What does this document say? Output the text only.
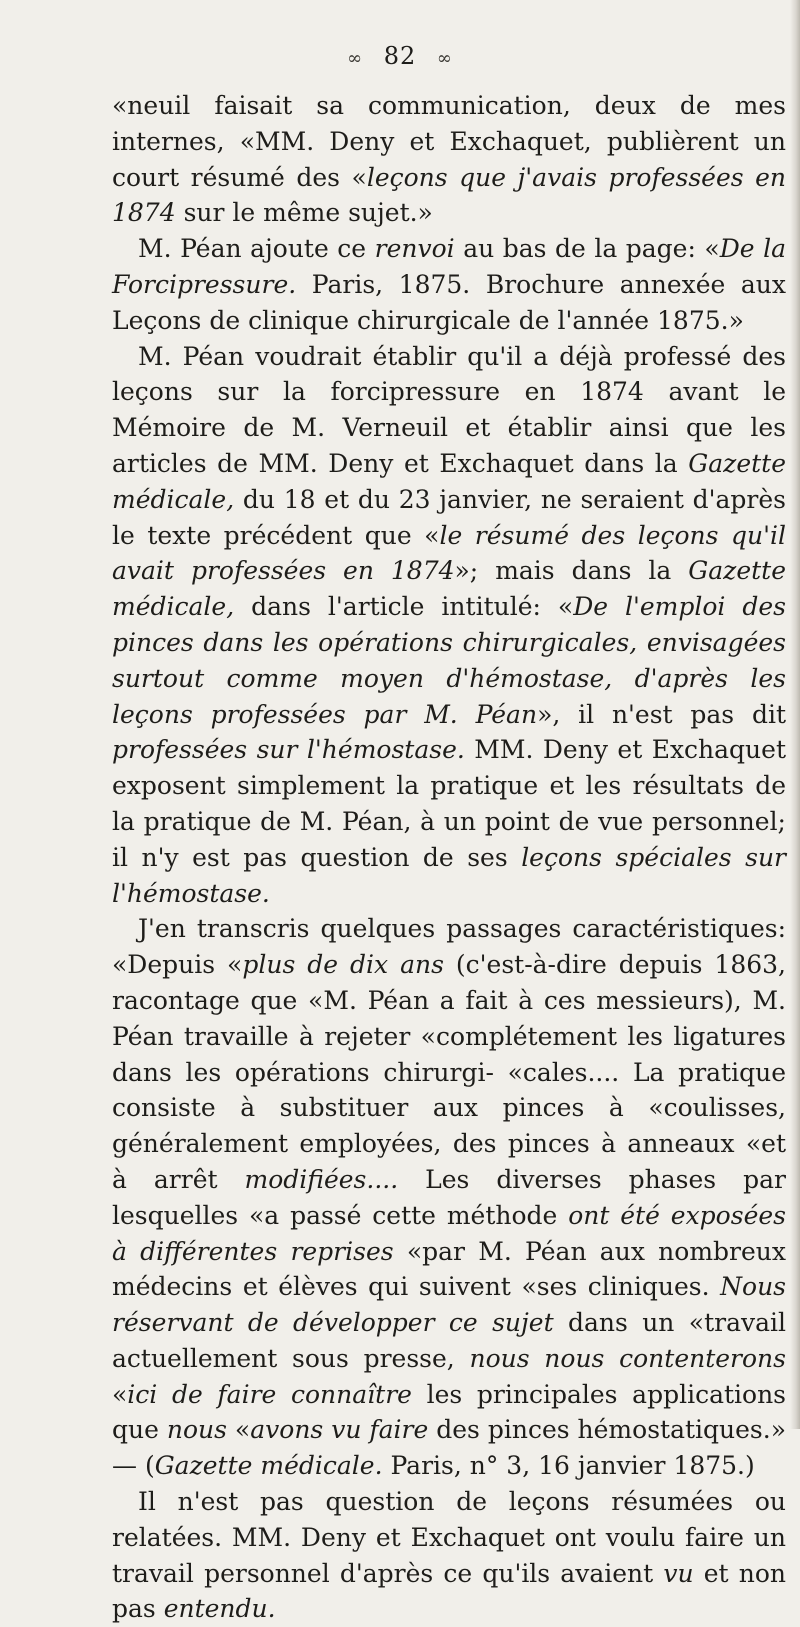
∞ 82 ∞

«neuil faisait sa communication, deux de mes internes, «MM. Deny et Exchaquet, publièrent un court résumé des «leçons que j'avais professées en 1874 sur le même sujet.»

M. Péan ajoute ce renvoi au bas de la page: «De la Forcipressure. Paris, 1875. Brochure annexée aux Leçons de clinique chirurgicale de l'année 1875.»

M. Péan voudrait établir qu'il a déjà professé des leçons sur la forcipressure en 1874 avant le Mémoire de M. Verneuil et établir ainsi que les articles de MM. Deny et Exchaquet dans la Gazette médicale, du 18 et du 23 janvier, ne seraient d'après le texte précédent que «le résumé des leçons qu'il avait professées en 1874»; mais dans la Gazette médicale, dans l'article intitulé: «De l'emploi des pinces dans les opérations chirurgicales, envisagées surtout comme moyen d'hémostase, d'après les leçons professées par M. Péan», il n'est pas dit professées sur l'hémostase. MM. Deny et Exchaquet exposent simplement la pratique et les résultats de la pratique de M. Péan, à un point de vue personnel; il n'y est pas question de ses leçons spéciales sur l'hémostase.

J'en transcris quelques passages caractéristiques: «Depuis «plus de dix ans (c'est-à-dire depuis 1863, racontage que «M. Péan a fait à ces messieurs), M. Péan travaille à rejeter «complétement les ligatures dans les opérations chirurgi- «cales.... La pratique consiste à substituer aux pinces à «coulisses, généralement employées, des pinces à anneaux «et à arrêt modifiées.... Les diverses phases par lesquelles «a passé cette méthode ont été exposées à différentes reprises «par M. Péan aux nombreux médecins et élèves qui suivent «ses cliniques. Nous réservant de développer ce sujet dans un «travail actuellement sous presse, nous nous contenterons «ici de faire connaître les principales applications que nous «avons vu faire des pinces hémostatiques.» — (Gazette médicale. Paris, n° 3, 16 janvier 1875.)

Il n'est pas question de leçons résumées ou relatées. MM. Deny et Exchaquet ont voulu faire un travail personnel d'après ce qu'ils avaient vu et non pas entendu.
